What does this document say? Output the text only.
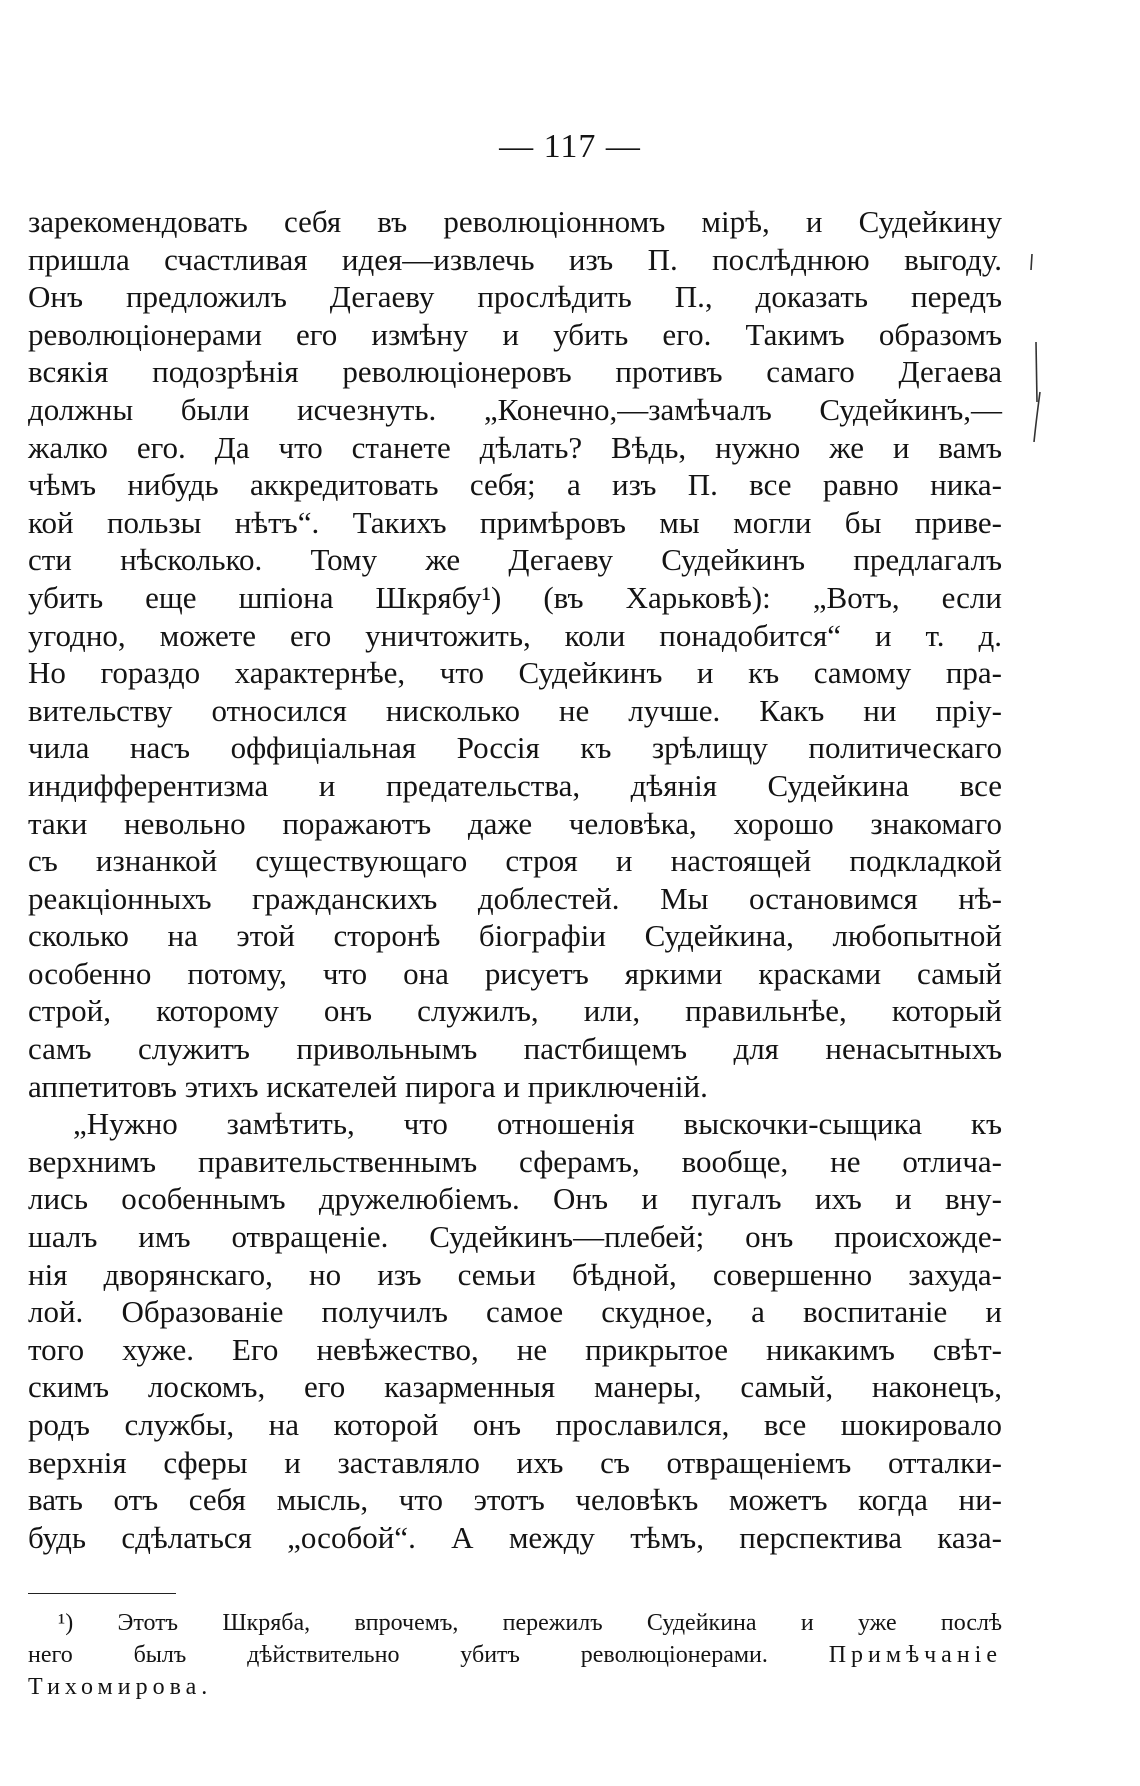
— 117 —
зарекомендовать себя въ революціонномъ мірѣ, и Судейкину
пришла счастливая идея—извлечь изъ П. послѣднюю выгоду.
Онъ предложилъ Дегаеву прослѣдить П., доказать передъ
революціонерами его измѣну и убить его. Такимъ образомъ
всякія подозрѣнія революціонеровъ противъ самаго Дегаева
должны были исчезнуть. „Конечно,—замѣчалъ Судейкинъ,—
жалко его. Да что станете дѣлать? Вѣдь, нужно же и вамъ
чѣмъ нибудь аккредитовать себя; а изъ П. все равно ника-
кой пользы нѣтъ“. Такихъ примѣровъ мы могли бы приве-
сти нѣсколько. Тому же Дегаеву Судейкинъ предлагалъ
убить еще шпіона Шкрябу¹) (въ Харьковѣ): „Вотъ, если
угодно, можете его уничтожить, коли понадобится“ и т. д.
Но гораздо характернѣе, что Судейкинъ и къ самому пра-
вительству относился нисколько не лучше. Какъ ни пріу-
чила насъ оффиціальная Россія къ зрѣлищу политическаго
индифферентизма и предательства, дѣянія Судейкина все
таки невольно поражаютъ даже человѣка, хорошо знакомаго
съ изнанкой существующаго строя и настоящей подкладкой
реакціонныхъ гражданскихъ доблестей. Мы остановимся нѣ-
сколько на этой сторонѣ біографіи Судейкина, любопытной
особенно потому, что она рисуетъ яркими красками самый
строй, которому онъ служилъ, или, правильнѣе, который
самъ служитъ привольнымъ пастбищемъ для ненасытныхъ
аппетитовъ этихъ искателей пирога и приключеній.
„Нужно замѣтить, что отношенія выскочки-сыщика къ
верхнимъ правительственнымъ сферамъ, вообще, не отлича-
лись особеннымъ дружелюбіемъ. Онъ и пугалъ ихъ и вну-
шалъ имъ отвращеніе. Судейкинъ—плебей; онъ происхожде-
нія дворянскаго, но изъ семьи бѣдной, совершенно захуда-
лой. Образованіе получилъ самое скудное, а воспитаніе и
того хуже. Его невѣжество, не прикрытое никакимъ свѣт-
скимъ лоскомъ, его казарменныя манеры, самый, наконецъ,
родъ службы, на которой онъ прославился, все шокировало
верхнія сферы и заставляло ихъ съ отвращеніемъ отталки-
вать отъ себя мысль, что этотъ человѣкъ можетъ когда ни-
будь сдѣлаться „особой“. А между тѣмъ, перспектива каза-
¹) Этотъ Шкряба, впрочемъ, пережилъ Судейкина и уже послѣ
него былъ дѣйствительно убитъ революціонерами.	Примѣчаніе
Тихомирова.
